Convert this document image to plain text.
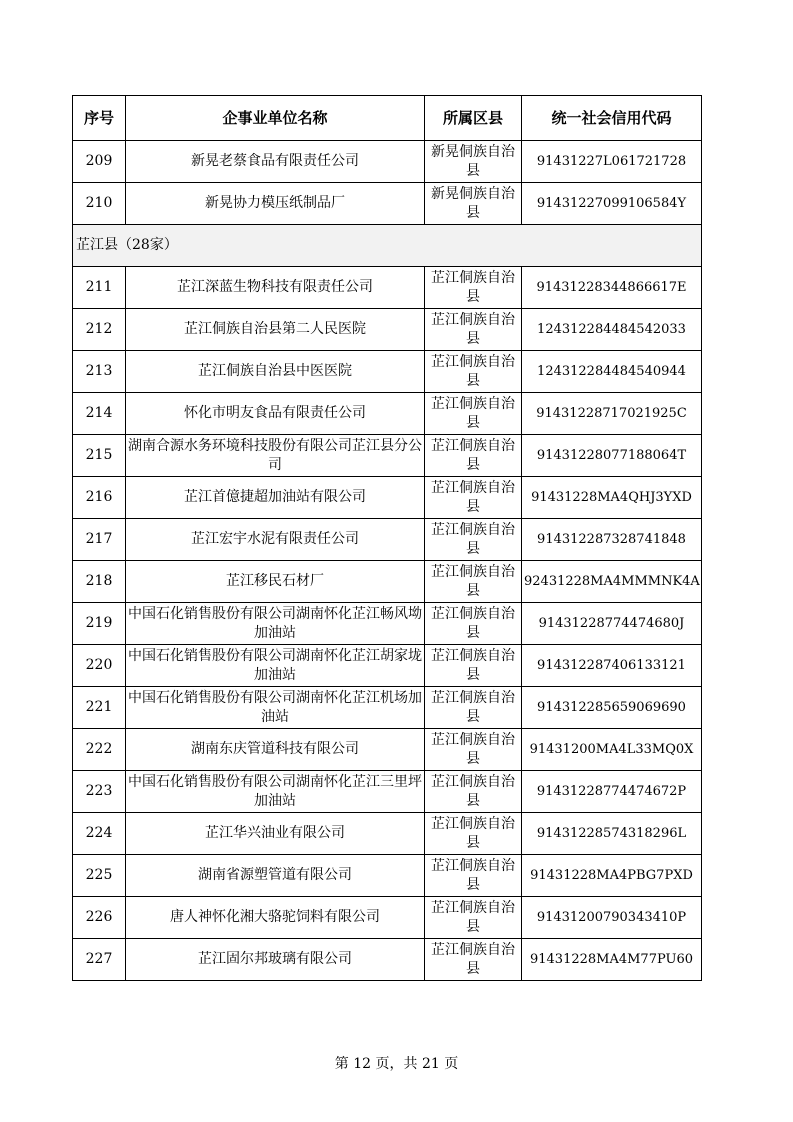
序号	企事业单位名称	所属区县	统一社会信用代码
209	新晃老蔡食品有限责任公司	新晃侗族自治县	91431227L061721728
210	新晃协力模压纸制品厂	新晃侗族自治县	91431227099106584Y
芷江县（28家）			
211	芷江深蓝生物科技有限责任公司	芷江侗族自治县	91431228344866617E
212	芷江侗族自治县第二人民医院	芷江侗族自治县	124312284484542033
213	芷江侗族自治县中医医院	芷江侗族自治县	124312284484540944
214	怀化市明友食品有限责任公司	芷江侗族自治县	91431228717021925C
215	湖南合源水务环境科技股份有限公司芷江县分公司	芷江侗族自治县	91431228077188064T
216	芷江首億捷超加油站有限公司	芷江侗族自治县	91431228MA4QHJ3YXD
217	芷江宏宇水泥有限责任公司	芷江侗族自治县	914312287328741848
218	芷江移民石材厂	芷江侗族自治县	92431228MA4MMMNK4A
219	中国石化销售股份有限公司湖南怀化芷江畅风坳加油站	芷江侗族自治县	91431228774474680J
220	中国石化销售股份有限公司湖南怀化芷江胡家垅加油站	芷江侗族自治县	914312287406133121
221	中国石化销售股份有限公司湖南怀化芷江机场加油站	芷江侗族自治县	914312285659069690
222	湖南东庆管道科技有限公司	芷江侗族自治县	91431200MA4L33MQ0X
223	中国石化销售股份有限公司湖南怀化芷江三里坪加油站	芷江侗族自治县	91431228774474672P
224	芷江华兴油业有限公司	芷江侗族自治县	91431228574318296L
225	湖南省源塑管道有限公司	芷江侗族自治县	91431228MA4PBG7PXD
226	唐人神怀化湘大骆驼饲料有限公司	芷江侗族自治县	91431200790343410P
227	芷江固尔邦玻璃有限公司	芷江侗族自治县	91431228MA4M77PU60
第 12 页，共 21 页
